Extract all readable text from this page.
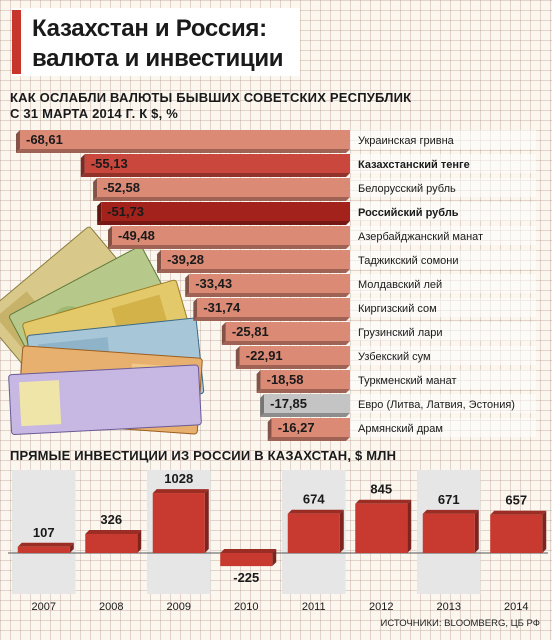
Казахстан и Россия:
валюта и инвестиции
КАК ОСЛАБЛИ ВАЛЮТЫ БЫВШИХ СОВЕТСКИХ РЕСПУБЛИК
С 31 МАРТА 2014 Г. К $, %
-68,61	Украинская гривна
-55,13	Казахстанский тенге
-52,58	Белорусский рубль
-51,73	Российский рубль
-49,48	Азербайджанский манат
-39,28	Таджикский сомони
-33,43	Молдавский лей
-31,74	Киргизский сом
-25,81	Грузинский лари
-22,91	Узбекский сум
-18,58	Туркменский манат
-17,85	Евро (Литва, Латвия, Эстония)
-16,27	Армянский драм
ПРЯМЫЕ ИНВЕСТИЦИИ ИЗ РОССИИ В КАЗАХСТАН, $ МЛН
2007	2008	2009	2010	2011	2012	2013	2014
107
326
1028
-225
674
845
671	657
ИСТОЧНИКИ: BLOOMBERG, ЦБ РФ
